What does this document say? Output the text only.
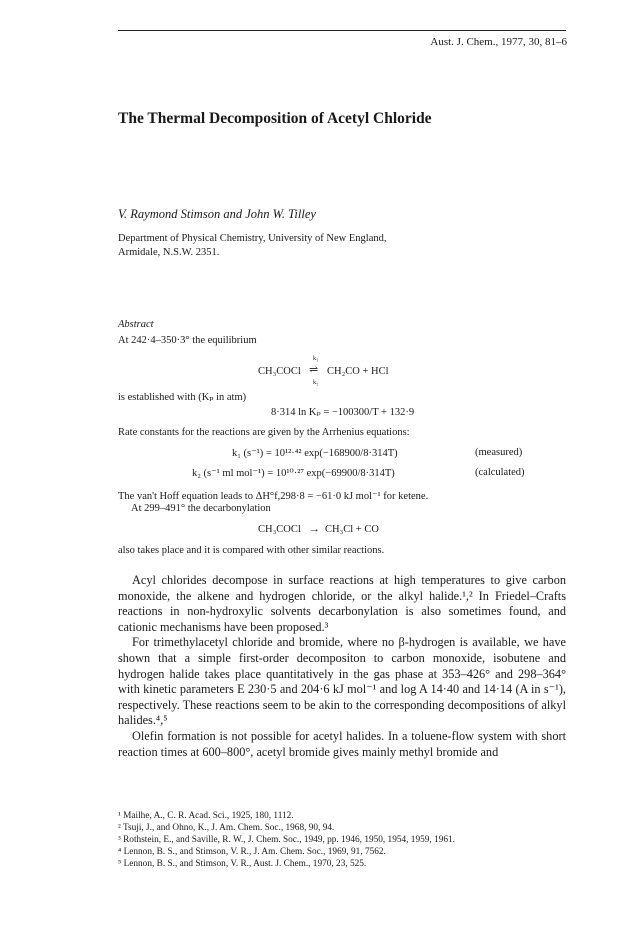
Aust. J. Chem., 1977, 30, 81–6
The Thermal Decomposition of Acetyl Chloride
V. Raymond Stimson and John W. Tilley
Department of Physical Chemistry, University of New England,
Armidale, N.S.W. 2351.
Abstract
At 242·4–350·3° the equilibrium
CH₃COCl ⇌
k₁
k₂
CH₂CO + HCl
is established with (Kₚ in atm)
8·314 ln Kₚ = −100300/T + 132·9
Rate constants for the reactions are given by the Arrhenius equations:
k₁ (s⁻¹) = 10¹²·⁴² exp(−168900/8·314T)	(measured)
k₂ (s⁻¹ ml mol⁻¹) = 10¹⁰·²⁷ exp(−69900/8·314T)	(calculated)
The van't Hoff equation leads to ΔH°f,298·8 = −61·0 kJ mol⁻¹ for ketene.
At 299–491° the decarbonylation
CH₃COCl → CH₃Cl + CO
also takes place and it is compared with other similar reactions.

Acyl chlorides decompose in surface reactions at high temperatures to give carbon monoxide, the alkene and hydrogen chloride, or the alkyl halide.¹,² In Friedel–Crafts reactions in non-hydroxylic solvents decarbonylation is also sometimes found, and cationic mechanisms have been proposed.³

For trimethylacetyl chloride and bromide, where no β-hydrogen is available, we have shown that a simple first-order decompositon to carbon monoxide, isobutene and hydrogen halide takes place quantitatively in the gas phase at 353–426° and 298–364° with kinetic parameters E 230·5 and 204·6 kJ mol⁻¹ and log A 14·40 and 14·14 (A in s⁻¹), respectively. These reactions seem to be akin to the corresponding decompositions of alkyl halides.⁴,⁵

Olefin formation is not possible for acetyl halides. In a toluene-flow system with short reaction times at 600–800°, acetyl bromide gives mainly methyl bromide and

¹ Mailhe, A., C. R. Acad. Sci., 1925, 180, 1112.
² Tsuji, J., and Ohno, K., J. Am. Chem. Soc., 1968, 90, 94.
³ Rothstein, E., and Saville, R. W., J. Chem. Soc., 1949, pp. 1946, 1950, 1954, 1959, 1961.
⁴ Lennon, B. S., and Stimson, V. R., J. Am. Chem. Soc., 1969, 91, 7562.
⁵ Lennon, B. S., and Stimson, V. R., Aust. J. Chem., 1970, 23, 525.
